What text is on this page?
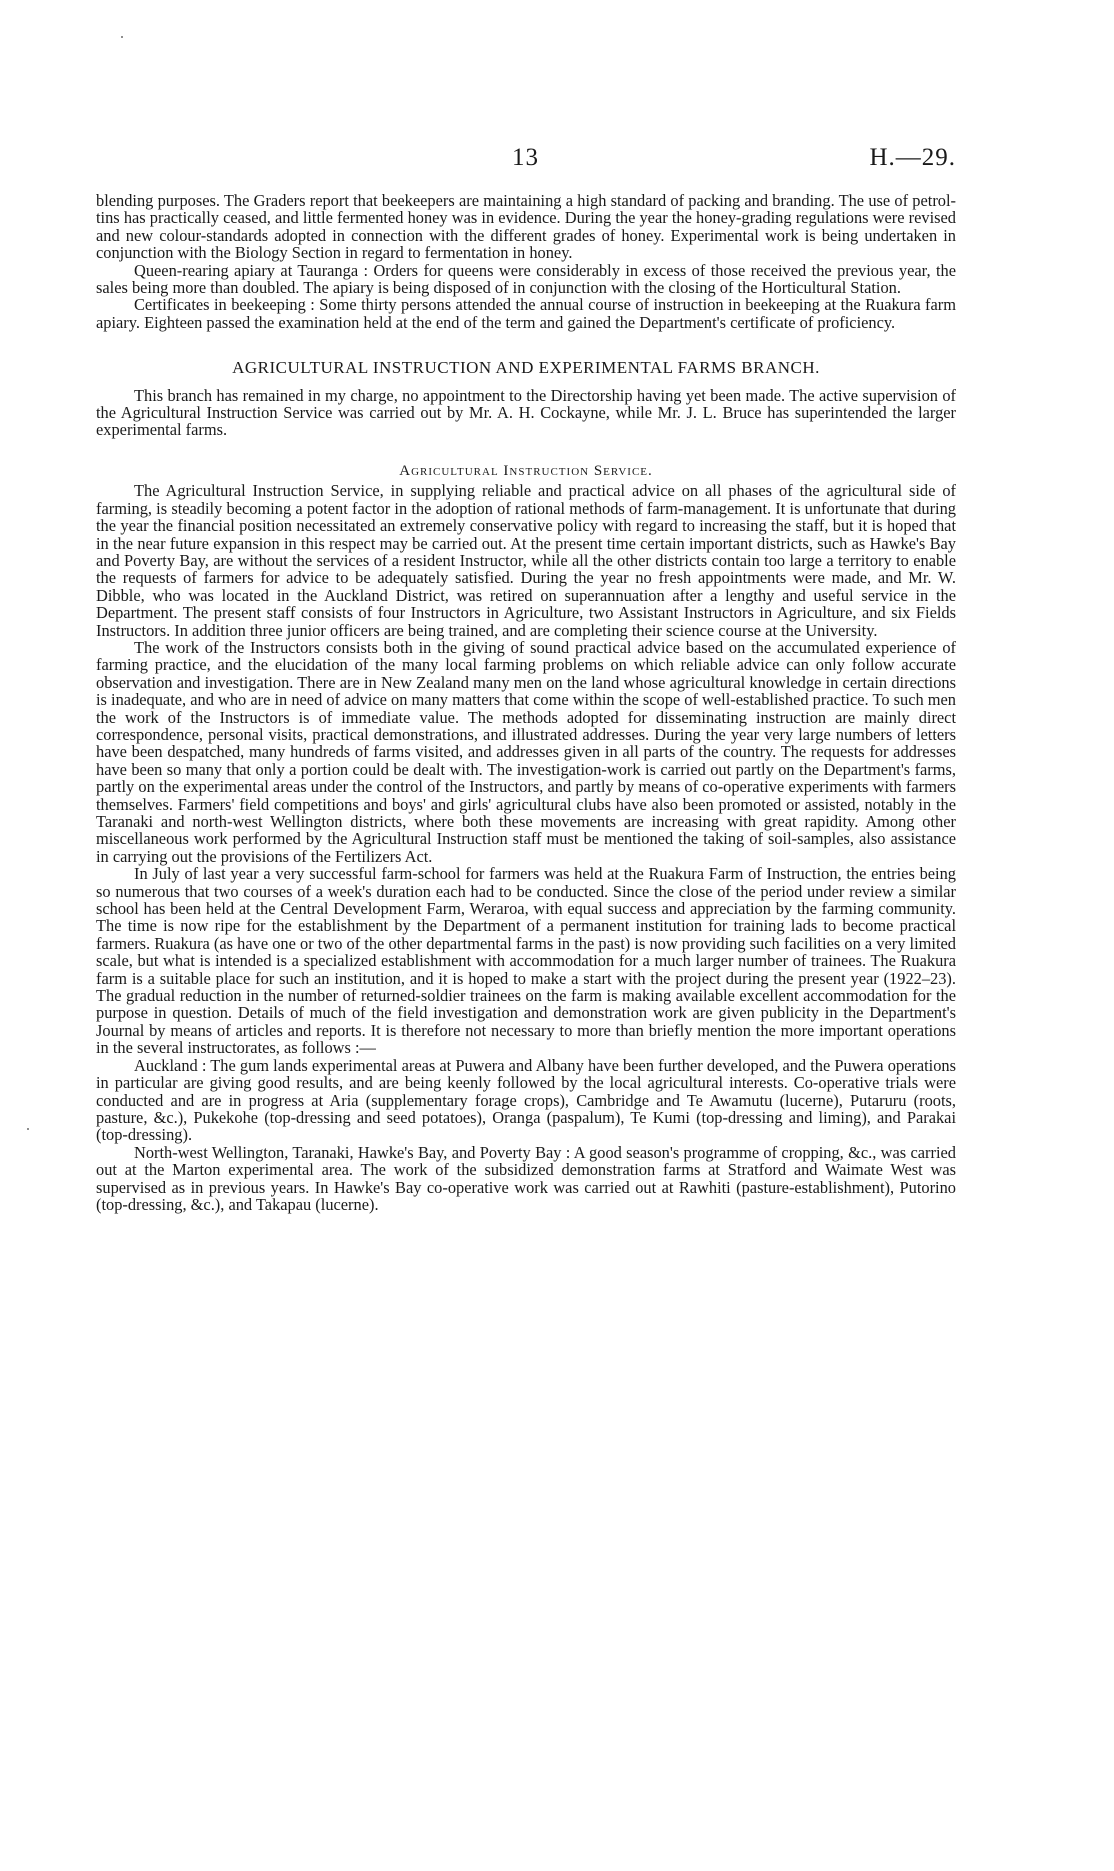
13	H.—29.

blending purposes. The Graders report that beekeepers are maintaining a high standard of packing and branding. The use of petrol-tins has practically ceased, and little fermented honey was in evidence. During the year the honey-grading regulations were revised and new colour-standards adopted in connection with the different grades of honey. Experimental work is being undertaken in conjunction with the Biology Section in regard to fermentation in honey.

Queen-rearing apiary at Tauranga : Orders for queens were considerably in excess of those received the previous year, the sales being more than doubled. The apiary is being disposed of in conjunction with the closing of the Horticultural Station.

Certificates in beekeeping : Some thirty persons attended the annual course of instruction in beekeeping at the Ruakura farm apiary. Eighteen passed the examination held at the end of the term and gained the Department's certificate of proficiency.

AGRICULTURAL INSTRUCTION AND EXPERIMENTAL FARMS BRANCH.

This branch has remained in my charge, no appointment to the Directorship having yet been made. The active supervision of the Agricultural Instruction Service was carried out by Mr. A. H. Cockayne, while Mr. J. L. Bruce has superintended the larger experimental farms.

Agricultural Instruction Service.

The Agricultural Instruction Service, in supplying reliable and practical advice on all phases of the agricultural side of farming, is steadily becoming a potent factor in the adoption of rational methods of farm-management. It is unfortunate that during the year the financial position necessitated an extremely conservative policy with regard to increasing the staff, but it is hoped that in the near future expansion in this respect may be carried out. At the present time certain important districts, such as Hawke's Bay and Poverty Bay, are without the services of a resident Instructor, while all the other districts contain too large a territory to enable the requests of farmers for advice to be adequately satisfied. During the year no fresh appointments were made, and Mr. W. Dibble, who was located in the Auckland District, was retired on superannuation after a lengthy and useful service in the Department. The present staff consists of four Instructors in Agriculture, two Assistant Instructors in Agriculture, and six Fields Instructors. In addition three junior officers are being trained, and are completing their science course at the University.

The work of the Instructors consists both in the giving of sound practical advice based on the accumulated experience of farming practice, and the elucidation of the many local farming problems on which reliable advice can only follow accurate observation and investigation. There are in New Zealand many men on the land whose agricultural knowledge in certain directions is inadequate, and who are in need of advice on many matters that come within the scope of well-established practice. To such men the work of the Instructors is of immediate value. The methods adopted for disseminating instruction are mainly direct correspondence, personal visits, practical demonstrations, and illustrated addresses. During the year very large numbers of letters have been despatched, many hundreds of farms visited, and addresses given in all parts of the country. The requests for addresses have been so many that only a portion could be dealt with. The investigation-work is carried out partly on the Department's farms, partly on the experimental areas under the control of the Instructors, and partly by means of co-operative experiments with farmers themselves. Farmers' field competitions and boys' and girls' agricultural clubs have also been promoted or assisted, notably in the Taranaki and north-west Wellington districts, where both these movements are increasing with great rapidity. Among other miscellaneous work performed by the Agricultural Instruction staff must be mentioned the taking of soil-samples, also assistance in carrying out the provisions of the Fertilizers Act.

In July of last year a very successful farm-school for farmers was held at the Ruakura Farm of Instruction, the entries being so numerous that two courses of a week's duration each had to be conducted. Since the close of the period under review a similar school has been held at the Central Development Farm, Weraroa, with equal success and appreciation by the farming community. The time is now ripe for the establishment by the Department of a permanent institution for training lads to become practical farmers. Ruakura (as have one or two of the other departmental farms in the past) is now providing such facilities on a very limited scale, but what is intended is a specialized establishment with accommodation for a much larger number of trainees. The Ruakura farm is a suitable place for such an institution, and it is hoped to make a start with the project during the present year (1922–23). The gradual reduction in the number of returned-soldier trainees on the farm is making available excellent accommodation for the purpose in question. Details of much of the field investigation and demonstration work are given publicity in the Department's Journal by means of articles and reports. It is therefore not necessary to more than briefly mention the more important operations in the several instructorates, as follows :—

Auckland : The gum lands experimental areas at Puwera and Albany have been further developed, and the Puwera operations in particular are giving good results, and are being keenly followed by the local agricultural interests. Co-operative trials were conducted and are in progress at Aria (supplementary forage crops), Cambridge and Te Awamutu (lucerne), Putaruru (roots, pasture, &c.), Pukekohe (top-dressing and seed potatoes), Oranga (paspalum), Te Kumi (top-dressing and liming), and Parakai (top-dressing).

North-west Wellington, Taranaki, Hawke's Bay, and Poverty Bay : A good season's programme of cropping, &c., was carried out at the Marton experimental area. The work of the subsidized demonstration farms at Stratford and Waimate West was supervised as in previous years. In Hawke's Bay co-operative work was carried out at Rawhiti (pasture-establishment), Putorino (top-dressing, &c.), and Takapau (lucerne).
